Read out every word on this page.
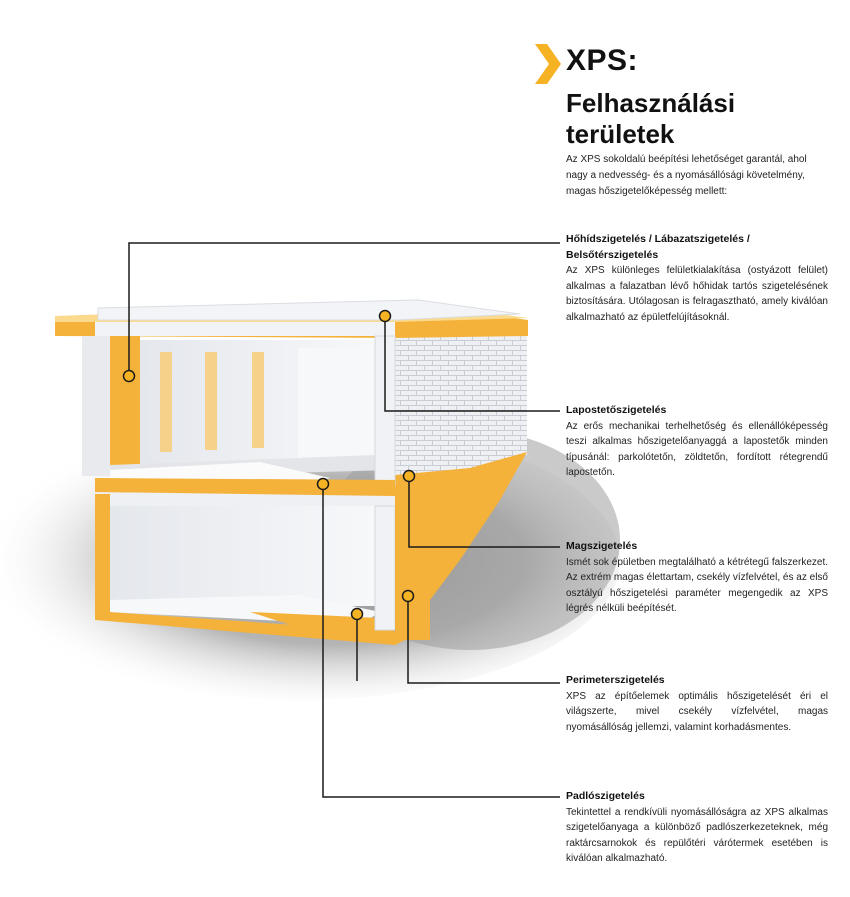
XPS:
Felhasználási területek
Az XPS sokoldalú beépítési lehetőséget garantál, ahol nagy a nedvesség- és a nyomásállósági követelmény, magas hőszigetelőképesség mellett:
Hőhídszigetelés / Lábazatszigetelés / Belsőtérszigetelés

Az XPS különleges felületkialakítása (ostyázott felület) alkalmas a falazatban lévő hőhidak tartós szigetelésének biztosítására. Utólagosan is felragasztható, amely kiválóan alkalmazható az épületfelújításoknál.

Lapostetőszigetelés

Az erős mechanikai terhelhetőség és ellenállóképesség teszi alkalmas hőszigetelőanyaggá a lapostetők minden típusánál: parkolótetőn, zöldtetőn, fordított rétegrendű lapostetőn.

Magszigetelés

Ismét sok épületben megtalálható a kétrétegű falszerkezet. Az extrém magas élettartam, csekély vízfelvétel, és az első osztályú hőszigetelési paraméter megengedik az XPS légrés nélküli beépítését.

Perimeterszigetelés

XPS az építőelemek optimális hőszigetelését éri el világszerte, mivel csekély vízfelvétel, magas nyomásállóság jellemzi, valamint korhadásmentes.

Padlószigetelés

Tekintettel a rendkívüli nyomásállóságra az XPS alkalmas szigetelőanyaga a különböző padlószerkezeteknek, még raktárcsarnokok és repülőtéri várótermek esetében is kiválóan alkalmazható.
